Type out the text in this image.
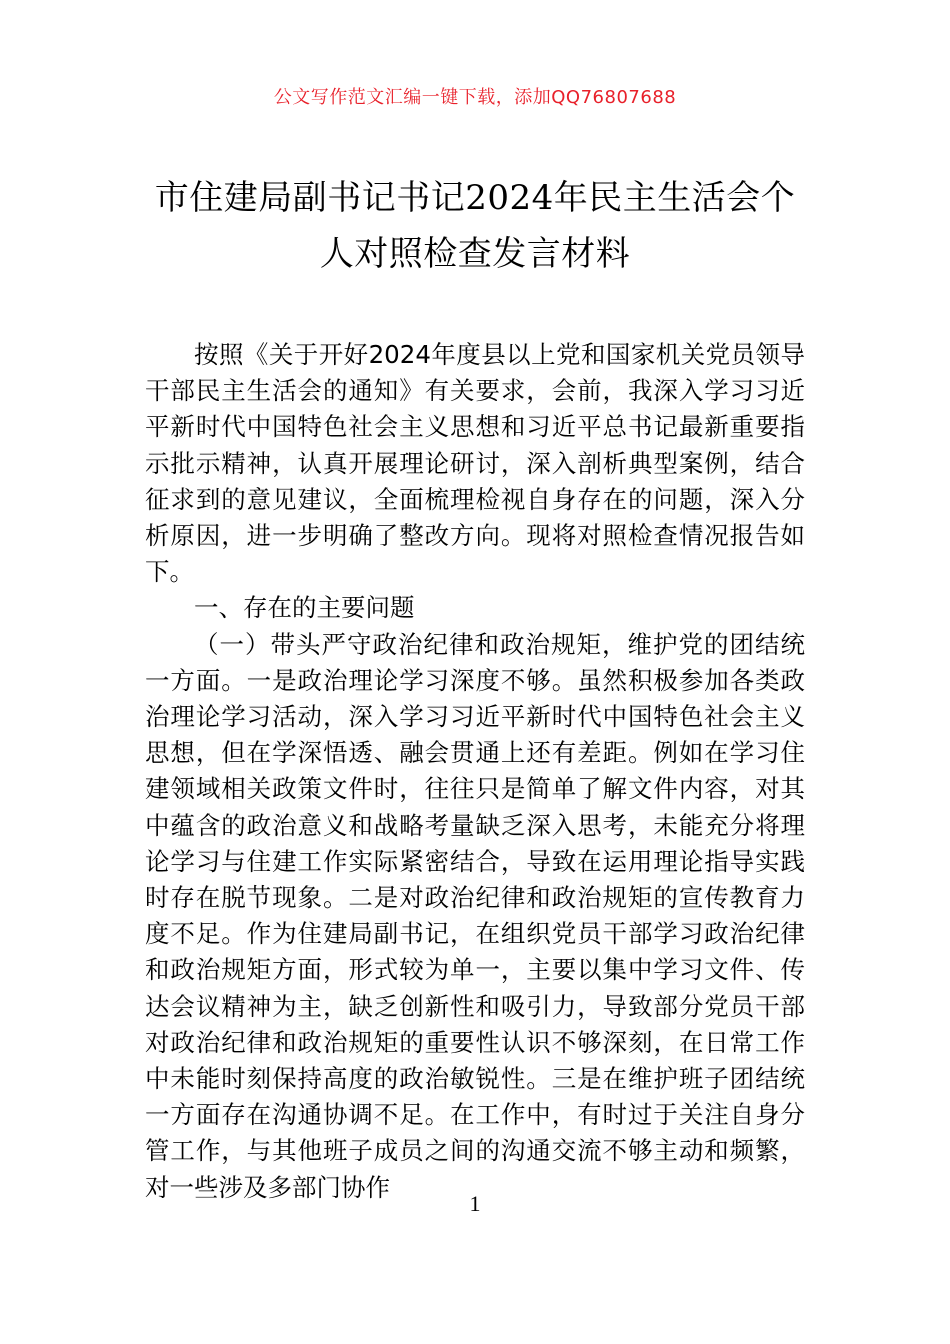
公文写作范文汇编一键下载，添加QQ76807688
市住建局副书记书记2024年民主生活会个人对照检查发言材料

按照《关于开好2024年度县以上党和国家机关党员领导干部民主生活会的通知》有关要求，会前，我深入学习习近平新时代中国特色社会主义思想和习近平总书记最新重要指示批示精神，认真开展理论研讨，深入剖析典型案例，结合征求到的意见建议，全面梳理检视自身存在的问题，深入分析原因，进一步明确了整改方向。现将对照检查情况报告如下。

一、存在的主要问题

（一）带头严守政治纪律和政治规矩，维护党的团结统一方面。一是政治理论学习深度不够。虽然积极参加各类政治理论学习活动，深入学习习近平新时代中国特色社会主义思想，但在学深悟透、融会贯通上还有差距。例如在学习住建领域相关政策文件时，往往只是简单了解文件内容，对其中蕴含的政治意义和战略考量缺乏深入思考，未能充分将理论学习与住建工作实际紧密结合，导致在运用理论指导实践时存在脱节现象。二是对政治纪律和政治规矩的宣传教育力度不足。作为住建局副书记，在组织党员干部学习政治纪律和政治规矩方面，形式较为单一，主要以集中学习文件、传达会议精神为主，缺乏创新性和吸引力，导致部分党员干部对政治纪律和政治规矩的重要性认识不够深刻，在日常工作中未能时刻保持高度的政治敏锐性。三是在维护班子团结统一方面存在沟通协调不足。在工作中，有时过于关注自身分管工作，与其他班子成员之间的沟通交流不够主动和频繁，对一些涉及多部门协作

1
